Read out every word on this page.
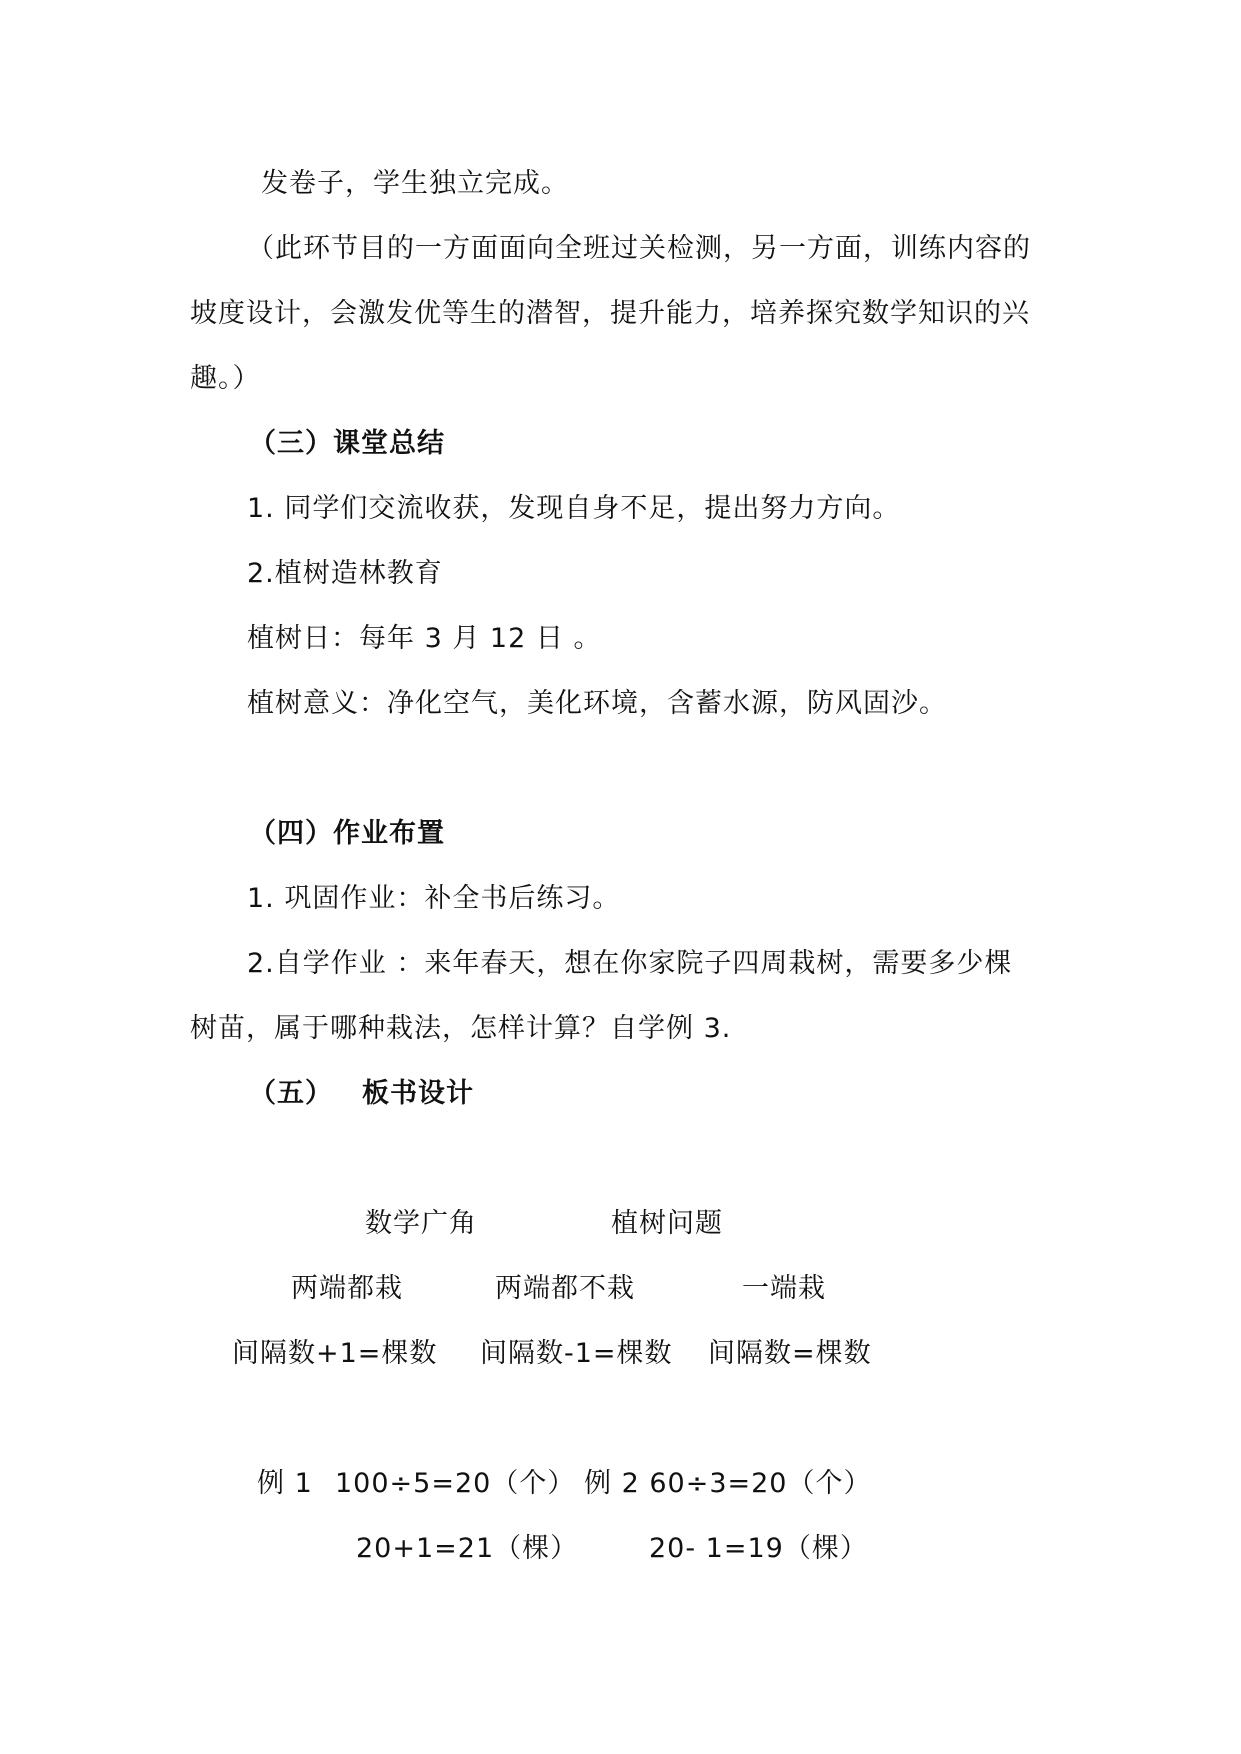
发卷子，学生独立完成。
（此环节目的一方面面向全班过关检测，另一方面，训练内容的
坡度设计，会激发优等生的潜智，提升能力，培养探究数学知识的兴
趣。）
（三）课堂总结
1. 同学们交流收获，发现自身不足，提出努力方向。
2.植树造林教育
植树日：每年 3 月 12 日 。
植树意义：净化空气，美化环境，含蓄水源，防风固沙。
（四）作业布置
1. 巩固作业：补全书后练习。
2.自学作业 ：来年春天，想在你家院子四周栽树，需要多少棵
树苗，属于哪种栽法，怎样计算？自学例 3.
（五） 板书设计
数学广角	植树问题
两端都栽	两端都不栽	一端栽
间隔数+1=棵数 间隔数-1=棵数 间隔数=棵数
例 1 100÷5=20（个） 例 2 60÷3=20（个）
20+1=21（棵）	20- 1=19（棵）
